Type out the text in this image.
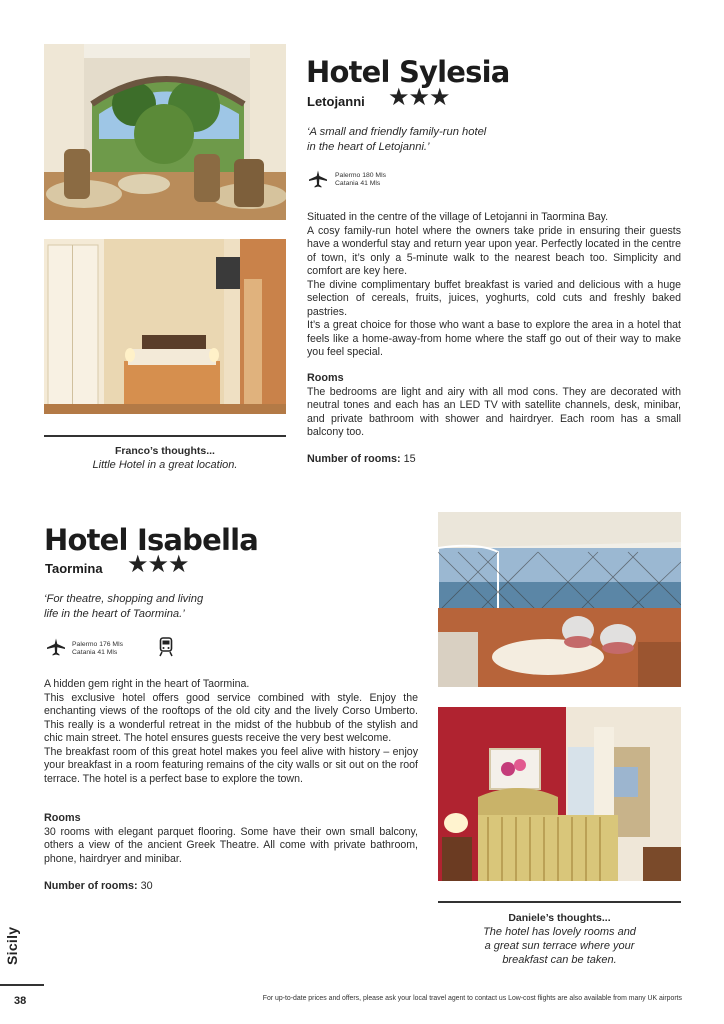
Hotel Sylesia
Letojanni ★★★
‘A small and friendly family-run hotel
in the heart of Letojanni.’
Palermo 180 Mls
Catania 41 Mls

Situated in the centre of the village of Letojanni in Taormina Bay.

A cosy family-run hotel where the owners take pride in ensuring their guests have a wonderful stay and return year upon year. Perfectly located in the centre of town, it’s only a 5-minute walk to the nearest beach too. Simplicity and comfort are key here.

The divine complimentary buffet breakfast is varied and delicious with a huge selection of cereals, fruits, juices, yoghurts, cold cuts and freshly baked pastries.

It’s a great choice for those who want a base to explore the area in a hotel that feels like a home-away-from home where the staff go out of their way to make you feel special.

Rooms

The bedrooms are light and airy with all mod cons. They are decorated with neutral tones and each has an LED TV with satellite channels, desk, minibar, and private bathroom with shower and hairdryer. Each room has a small balcony too.

Number of rooms: 15
Franco’s thoughts...
Little Hotel in a great location.
Hotel Isabella
Taormina ★★★
‘For theatre, shopping and living
life in the heart of Taormina.’
Palermo 176 Mls
Catania 41 Mls

A hidden gem right in the heart of Taormina.

This exclusive hotel offers good service combined with style. Enjoy the enchanting views of the rooftops of the old city and the lively Corso Umberto. This really is a wonderful retreat in the midst of the hubbub of the stylish and chic main street. The hotel ensures guests receive the very best welcome.

The breakfast room of this great hotel makes you feel alive with history – enjoy your breakfast in a room featuring remains of the city walls or sit out on the roof terrace. The hotel is a perfect base to explore the town.

Rooms

30 rooms with elegant parquet flooring. Some have their own small balcony, others a view of the ancient Greek Theatre. All come with private bathroom, phone, hairdryer and minibar.

Number of rooms: 30
Daniele’s thoughts...
The hotel has lovely rooms and
a great sun terrace where your
breakfast can be taken.
Sicily
38	For up-to-date prices and offers, please ask your local travel agent to contact us Low-cost flights are also available from many UK airports
